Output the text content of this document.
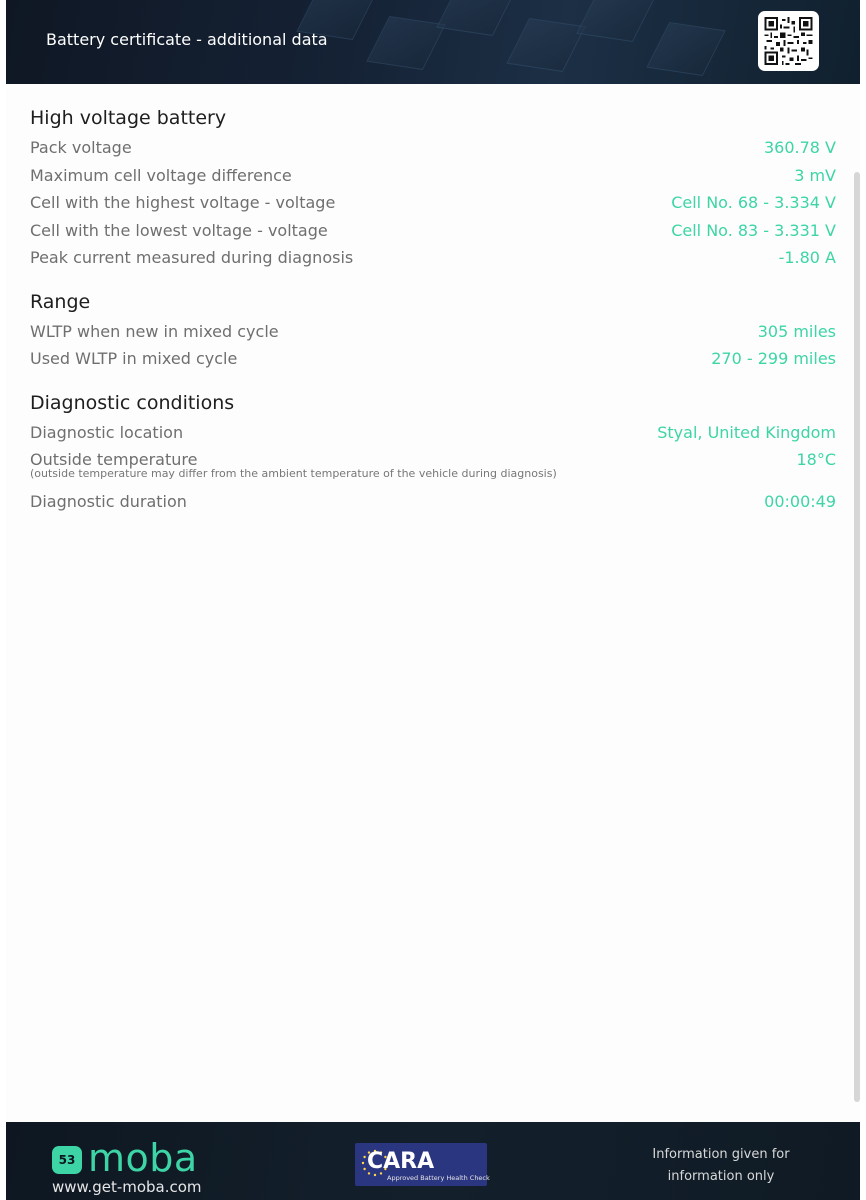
Battery certificate - additional data
High voltage battery
Pack voltage	360.78 V
Maximum cell voltage difference	3 mV
Cell with the highest voltage - voltage	Cell No. 68 - 3.334 V
Cell with the lowest voltage - voltage	Cell No. 83 - 3.331 V
Peak current measured during diagnosis	-1.80 A
Range
WLTP when new in mixed cycle	305 miles
Used WLTP in mixed cycle	270 - 299 miles
Diagnostic conditions
Diagnostic location	Styal, United Kingdom
Outside temperature	18°C
(outside temperature may differ from the ambient temperature of the vehicle during diagnosis)
Diagnostic duration	00:00:49
53 moba
www.get-moba.com
CARA
Approved Battery Health Check
Information given for
information only
